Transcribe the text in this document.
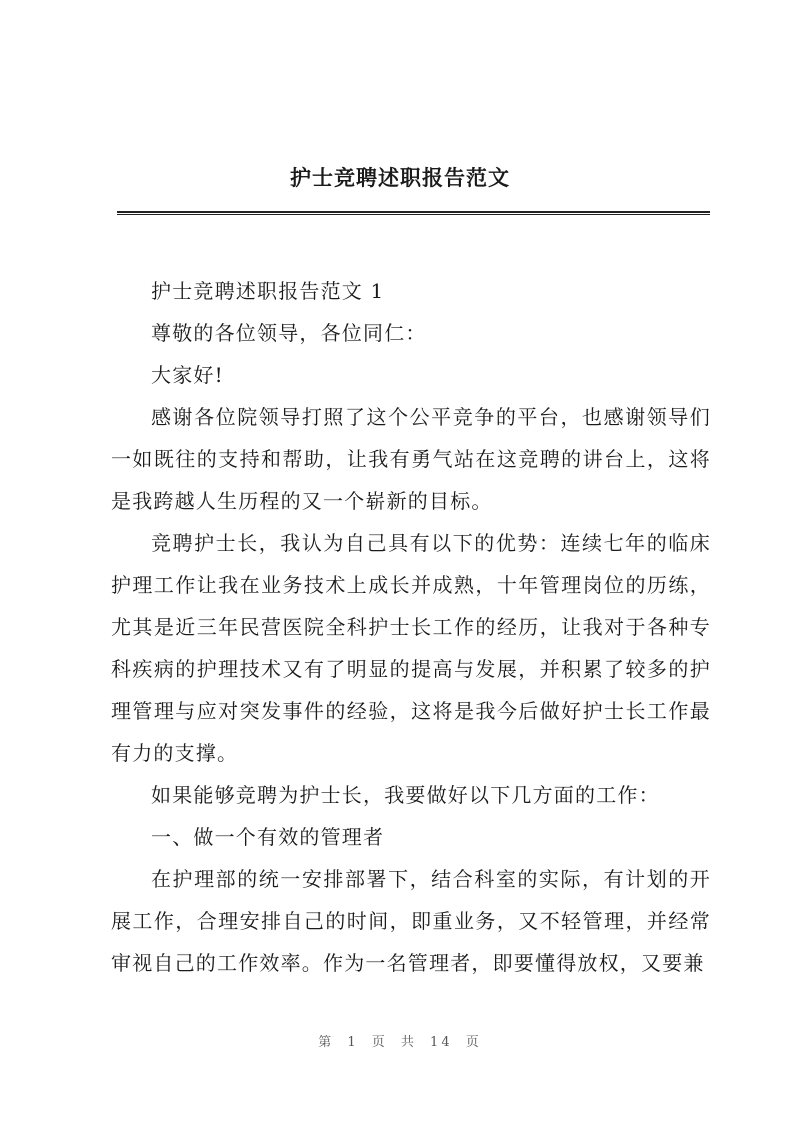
护士竞聘述职报告范文

护士竞聘述职报告范文 1

尊敬的各位领导，各位同仁：

大家好!

感谢各位院领导打照了这个公平竞争的平台，也感谢领导们一如既往的支持和帮助，让我有勇气站在这竞聘的讲台上，这将是我跨越人生历程的又一个崭新的目标。

竞聘护士长，我认为自己具有以下的优势：连续七年的临床护理工作让我在业务技术上成长并成熟，十年管理岗位的历练，尤其是近三年民营医院全科护士长工作的经历，让我对于各种专科疾病的护理技术又有了明显的提高与发展，并积累了较多的护理管理与应对突发事件的经验，这将是我今后做好护士长工作最有力的支撑。

如果能够竞聘为护士长，我要做好以下几方面的工作：

一、做一个有效的管理者

在护理部的统一安排部署下，结合科室的实际，有计划的开展工作，合理安排自己的时间，即重业务，又不轻管理，并经常审视自己的工作效率。作为一名管理者，即要懂得放权，又要兼

第 1 页 共 14 页
